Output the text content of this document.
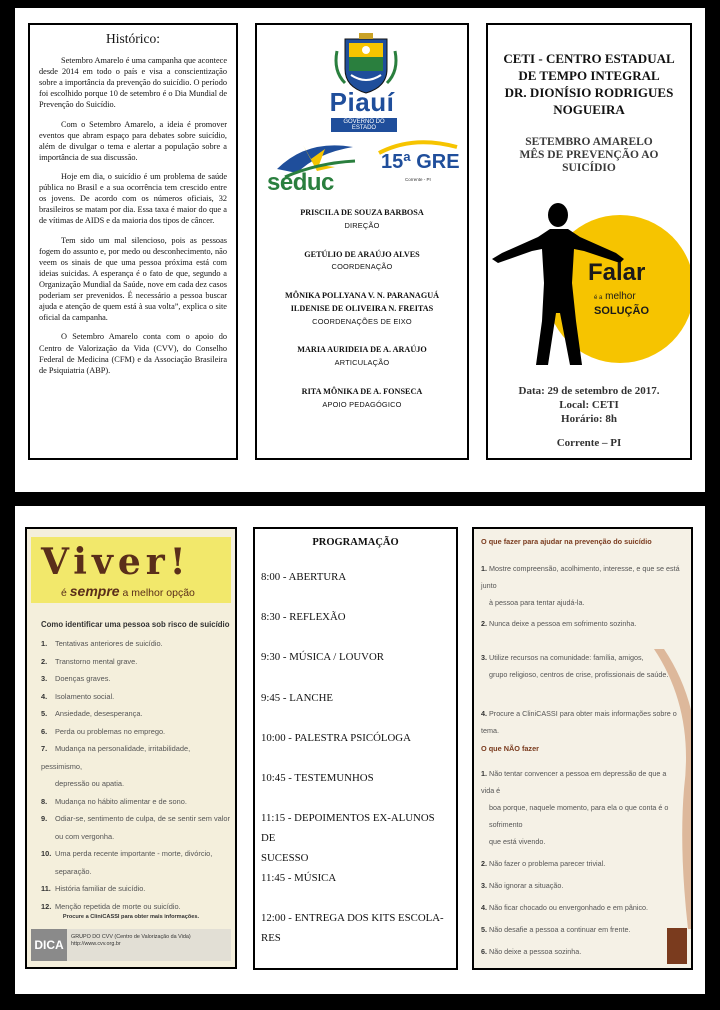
Histórico:

Setembro Amarelo é uma campanha que acontece desde 2014 em todo o país e visa a conscientização sobre a importância da prevenção do suicídio. O período foi escolhido porque 10 de setembro é o Dia Mundial de Prevenção do Suicídio.

Com o Setembro Amarelo, a ideia é promover eventos que abram espaço para debates sobre suicídio, além de divulgar o tema e alertar a população sobre a importância de sua discussão.

Hoje em dia, o suicídio é um problema de saúde pública no Brasil e a sua ocorrência tem crescido entre os jovens. De acordo com os números oficiais, 32 brasileiros se matam por dia. Essa taxa é maior do que a de vítimas de AIDS e da maioria dos tipos de câncer.

Tem sido um mal silencioso, pois as pessoas fogem do assunto e, por medo ou desconhecimento, não veem os sinais de que uma pessoa próxima está com ideias suicidas. A esperança é o fato de que, segundo a Organização Mundial da Saúde, nove em cada dez casos poderiam ser prevenidos. É necessário a pessoa buscar ajuda e atenção de quem está à sua volta”, explica o site oficial da campanha.

O Setembro Amarelo conta com o apoio do Centro de Valorização da Vida (CVV), do Conselho Federal de Medicina (CFM) e da Associação Brasileira de Psiquiatria (ABP).

Piauí
GOVERNO DO ESTADO
seduc
15ª GRE
Corrente - PI
PRISCILA DE SOUZA BARBOSA
DIREÇÃO
GETÚLIO DE ARAÚJO ALVES
COORDENAÇÃO
MÔNIKA POLLYANA V. N. PARANAGUÁ
ILDENISE DE OLIVEIRA N. FREITAS
COORDENAÇÕES DE EIXO
MARIA AURIDEIA DE A. ARAÚJO
ARTICULAÇÃO
RITA MÔNIKA DE A. FONSECA
APOIO PEDAGÓGICO
CETI - CENTRO ESTADUAL
DE TEMPO INTEGRAL
DR. DIONÍSIO RODRIGUES
NOGUEIRA
SETEMBRO AMARELO
MÊS DE PREVENÇÃO AO
SUICÍDIO
Falar
é a melhor
SOLUÇÃO
Data: 29 de setembro de 2017.
Local: CETI
Horário: 8h
Corrente – PI
Viver!
é sempre a melhor opção
Como identificar uma pessoa sob risco de suicídio
1. Tentativas anteriores de suicídio.
2. Transtorno mental grave.
3. Doenças graves.
4. Isolamento social.
5. Ansiedade, desesperança.
6. Perda ou problemas no emprego.
7. Mudança na personalidade, irritabilidade, pessimismo,
depressão ou apatia.
8. Mudança no hábito alimentar e de sono.
9. Odiar-se, sentimento de culpa, de se sentir sem valor
ou com vergonha.
10. Uma perda recente importante - morte, divórcio,
separação.
11. História familiar de suicídio.
12. Menção repetida de morte ou suicídio.
Procure a CliniCASSI para obter mais informações.
DICA
GRUPO DO CVV (Centro de Valorização da Vida)
http://www.cvv.org.br
PROGRAMAÇÃO
8:00 - ABERTURA
8:30 - REFLEXÃO
9:30 - MÚSICA / LOUVOR
9:45 - LANCHE
10:00 - PALESTRA PSICÓLOGA
10:45 - TESTEMUNHOS
11:15 - DEPOIMENTOS EX-ALUNOS DE
SUCESSO
11:45 - MÚSICA
12:00 - ENTREGA DOS KITS ESCOLA-
RES
O que fazer para ajudar na prevenção do suicídio
1. Mostre compreensão, acolhimento, interesse, e que se está junto
à pessoa para tentar ajudá-la.
2. Nunca deixe a pessoa em sofrimento sozinha.
3. Utilize recursos na comunidade: família, amigos,
grupo religioso, centros de crise, profissionais de saúde.
4. Procure a CliniCASSI para obter mais informações sobre o tema.
O que NÃO fazer
1. Não tentar convencer a pessoa em depressão de que a vida é
boa porque, naquele momento, para ela o que conta é o sofrimento
que está vivendo.
2. Não fazer o problema parecer trivial.
3. Não ignorar a situação.
4. Não ficar chocado ou envergonhado e em pânico.
5. Não desafie a pessoa a continuar em frente.
6. Não deixe a pessoa sozinha.
